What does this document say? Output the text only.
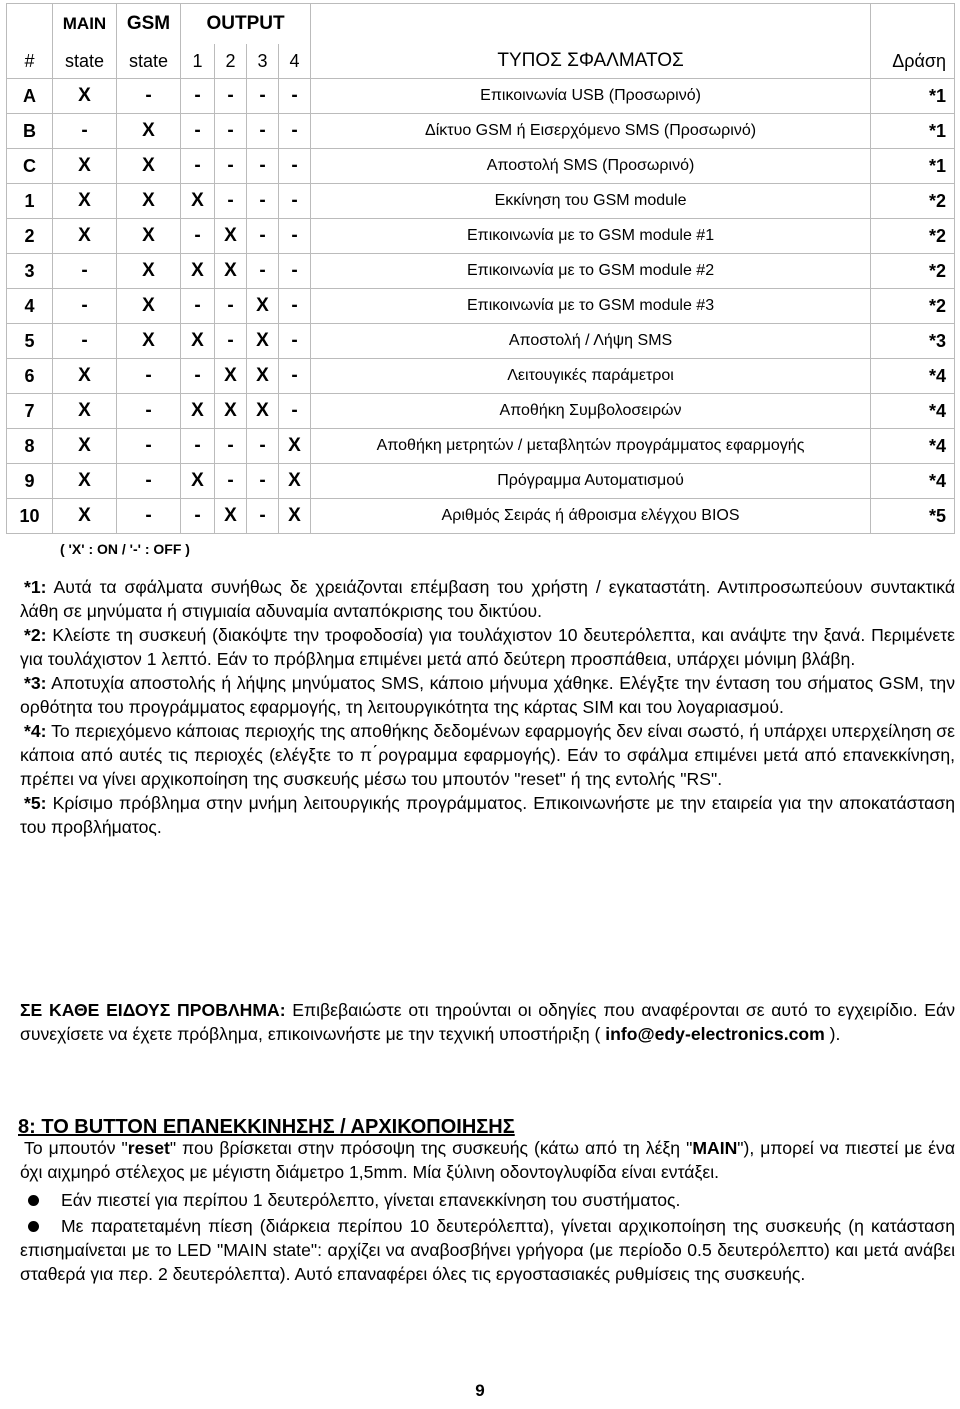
	MAIN	GSM	OUTPUT					
#	state	state	1	2	3	4	ΤΥΠΟΣ ΣΦΑΛΜΑΤΟΣ	Δράση
A	X	-	-	-	-	-	Επικοινωνία USB (Προσωρινό)	*1
B	-	X	-	-	-	-	Δίκτυο GSM ή Εισερχόμενο SMS (Προσωρινό)	*1
C	X	X	-	-	-	-	Αποστολή SMS (Προσωρινό)	*1
1	X	X	X	-	-	-	Εκκίνηση του GSM module	*2
2	X	X	-	X	-	-	Επικοινωνία με το GSM module #1	*2
3	-	X	X	X	-	-	Επικοινωνία με το GSM module #2	*2
4	-	X	-	-	X	-	Επικοινωνία με το GSM module #3	*2
5	-	X	X	-	X	-	Αποστολή / Λήψη SMS	*3
6	X	-	-	X	X	-	Λειτουγικές παράμετροι	*4
7	X	-	X	X	X	-	Αποθήκη Συμβολοσειρών	*4
8	X	-	-	-	-	X	Αποθήκη μετρητών / μεταβλητών προγράμματος εφαρμογής	*4
9	X	-	X	-	-	X	Πρόγραμμα Αυτοματισμού	*4
10	X	-	-	X	-	X	Αριθμός Σειράς ή άθροισμα ελέγχου BIOS	*5
( 'X' : ON / '-' : OFF )

*1: Αυτά τα σφάλματα συνήθως δε χρειάζονται επέμβαση του χρήστη / εγκαταστάτη. Αντιπροσωπεύουν συντακτικά λάθη σε μηνύματα ή στιγμιαία αδυναμία ανταπόκρισης του δικτύου.

*2: Κλείστε τη συσκευή (διακόψτε την τροφοδοσία) για τουλάχιστον 10 δευτερόλεπτα, και ανάψτε την ξανά. Περιμένετε για τουλάχιστον 1 λεπτό. Εάν το πρόβλημα επιμένει μετά από δεύτερη προσπάθεια, υπάρχει μόνιμη βλάβη.

*3: Αποτυχία αποστολής ή λήψης μηνύματος SMS, κάποιο μήνυμα χάθηκε. Ελέγξτε την ένταση του σήματος GSM, την ορθότητα του προγράμματος εφαρμογής, τη λειτουργικότητα της κάρτας SIM και του λογαριασμού.

*4: Το περιεχόμενο κάποιας περιοχής της αποθήκης δεδομένων εφαρμογής δεν είναι σωστό, ή υπάρχει υπερχείληση σε κάποια από αυτές τις περιοχές (ελέγξτε το π ́ρογραμμα εφαρμογής). Εάν το σφάλμα επιμένει μετά από επανεκκίνηση, πρέπει να γίνει αρχικοποίηση της συσκευής μέσω του μπουτόν "reset" ή της εντολής "RS".

*5: Κρίσιμο πρόβλημα στην μνήμη λειτουργικής προγράμματος. Επικοινωνήστε με την εταιρεία για την αποκατάσταση του προβλήματος.

ΣΕ ΚΑΘΕ ΕΙΔΟΥΣ ΠΡΟΒΛΗΜΑ: Επιβεβαιώστε οτι τηρούνται οι οδηγίες που αναφέρονται σε αυτό το εγχειρίδιο. Εάν συνεχίσετε να έχετε πρόβλημα, επικοινωνήστε με την τεχνική υποστήριξη ( info@edy-electronics.com ).

8: ΤΟ ΒUTTON ΕΠΑΝΕΚΚΙΝΗΣΗΣ / ΑΡΧΙΚΟΠΟΙΗΣΗΣ

Το μπουτόν "reset" που βρίσκεται στην πρόσοψη της συσκευής (κάτω από τη λέξη "MAIN"), μπορεί να πιεστεί με ένα όχι αιχμηρό στέλεχος με μέγιστη διάμετρο 1,5mm. Μία ξύλινη οδοντογλυφίδα είναι εντάξει.

Εάν πιεστεί για περίπου 1 δευτερόλεπτο, γίνεται επανεκκίνηση του συστήματος.

Με παρατεταμένη πίεση (διάρκεια περίπου 10 δευτερόλεπτα), γίνεται αρχικοποίηση της συσκευής (η κατάσταση επισημαίνεται με το LED "MAIN state": αρχίζει να αναβοσβήνει γρήγορα (με περίοδο 0.5 δευτερόλεπτο) και μετά ανάβει σταθερά για περ. 2 δευτερόλεπτα). Αυτό επαναφέρει όλες τις εργοστασιακές ρυθμίσεις της συσκευής.

9
